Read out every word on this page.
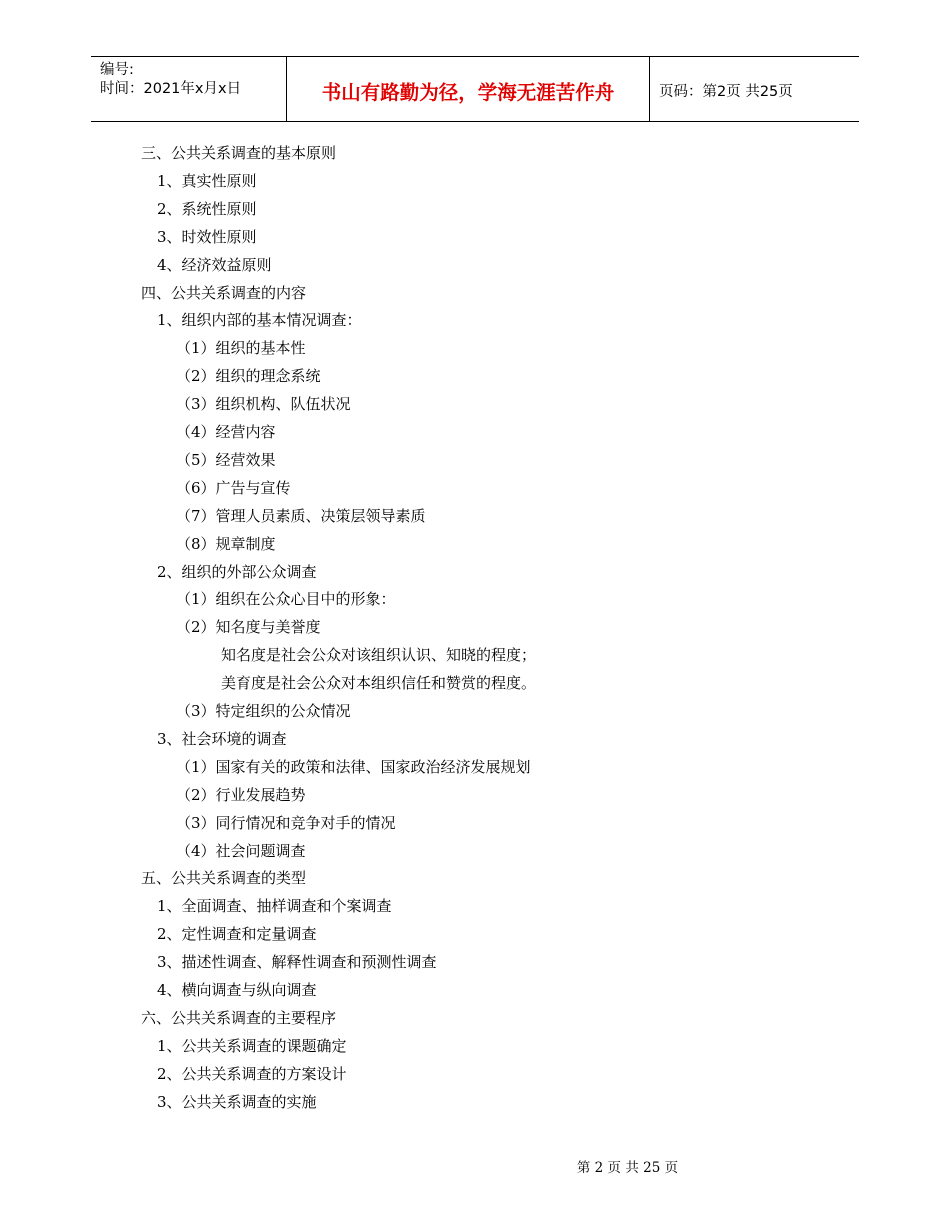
编号:
时间：2021年x月x日	书山有路勤为径，学海无涯苦作舟	页码：第2页 共25页
三、公共关系调查的基本原则
1、真实性原则
2、系统性原则
3、时效性原则
4、经济效益原则
四、公共关系调查的内容
1、组织内部的基本情况调查：
（1）组织的基本性
（2）组织的理念系统
（3）组织机构、队伍状况
（4）经营内容
（5）经营效果
（6）广告与宣传
（7）管理人员素质、决策层领导素质
（8）规章制度
2、组织的外部公众调查
（1）组织在公众心目中的形象：
（2）知名度与美誉度
知名度是社会公众对该组织认识、知晓的程度；
美育度是社会公众对本组织信任和赞赏的程度。
（3）特定组织的公众情况
3、社会环境的调查
（1）国家有关的政策和法律、国家政治经济发展规划
（2）行业发展趋势
（3）同行情况和竞争对手的情况
（4）社会问题调查
五、公共关系调查的类型
1、全面调查、抽样调查和个案调查
2、定性调查和定量调查
3、描述性调查、解释性调查和预测性调查
4、横向调查与纵向调查
六、公共关系调查的主要程序
1、公共关系调查的课题确定
2、公共关系调查的方案设计
3、公共关系调查的实施
第 2 页 共 25 页
